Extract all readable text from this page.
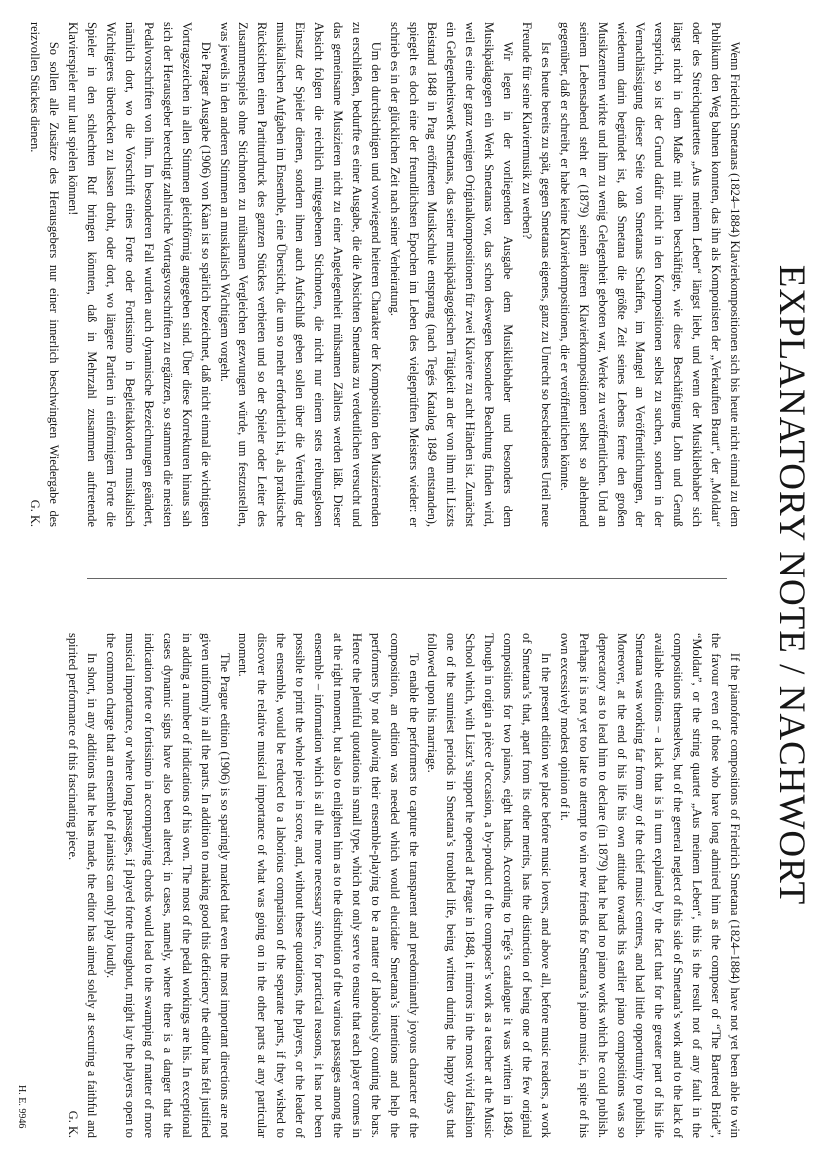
EXPLANATORY NOTE / NACHWORT

Wenn Friedrich Smetanas (1824–1884) Klavierkompositionen sich bis heute nicht einmal zu dem Publikum den Weg bahnen konnten, das ihn als Komponisten der „Verkauften Braut“, der „Moldau“ oder des Streichquartettes „Aus meinem Leben“ längst liebt, und wenn der Musikliebhaber sich längst nicht in dem Maße mit ihnen beschäftigte, wie diese Beschäftigung Lohn und Genuß verspricht, so ist der Grund dafür nicht in den Kompositionen selbst zu suchen, sondern in der Vernachlässigung dieser Seite von Smetanas Schaffen, im Mangel an Veröffentlichungen, der wiederum darin begründet ist, daß Smetana die größte Zeit seines Lebens ferne den großen Musikzentren wirkte und ihm zu wenig Gelegenheit geboten war, Werke zu veröffentlichen. Und an seinem Lebensabend steht er (1879) seinen älteren Klavierkompositionen selbst so ablehnend gegenüber, daß er schreibt, er habe keine Klavierkompositionen, die er veröffentlichen könnte.

Ist es heute bereits zu spät, gegen Smetanas eigenes, ganz zu Unrecht so bescheidenes Urteil neue Freunde für seine Klaviermusik zu werben?

Wir legen in der vorliegenden Ausgabe dem Musikliebhaber und besonders dem Musikpädagogen ein Werk Smetanas vor, das schon deswegen besondere Beachtung finden wird, weil es eine der ganz wenigen Originalkompositionen für zwei Klaviere zu acht Händen ist. Zunächst ein Gelegenheitswerk Smetanas, das seiner musikpädagogischen Tätigkeit an der von ihm mit Liszts Beistand 1848 in Prag eröffneten Musikschule entsprang (nach Tegés Katalog 1849 entstanden), spiegelt es doch eine der freundlichsten Epochen im Leben des vielgeprüften Meisters wieder: er schrieb es in der glücklichen Zeit nach seiner Verheiratung.

Um den durchsichtigen und vorwiegend heiteren Charakter der Komposition den Musizierenden zu erschließen, bedurfte es einer Ausgabe, die die Absichten Smetanas zu verdeutlichen versucht und das gemeinsame Musizieren nicht zu einer Angelegenheit mühsamen Zählens werden läßt. Dieser Absicht folgen die reichlich mitgegebenen Stichnoten, die nicht nur einem stets reibungslosen Einsatz der Spieler dienen, sondern ihnen auch Aufschluß geben sollen über die Verteilung der musikalischen Aufgaben im Ensemble, eine Übersicht, die um so mehr erforderlich ist, als praktische Rücksichten einen Partiturdruck des ganzen Stückes verbieten und so der Spieler oder Leiter des Zusammenspiels ohne Stichnoten zu mühsamen Vergleichen gezwungen würde, um festzustellen, was jeweils in den anderen Stimmen an musikalisch Wichtigem vorgeht.

Die Prager Ausgabe (1906) von Kàan ist so spärlich bezeichnet, daß nicht einmal die wichtigsten Vortragszeichen in allen Stimmen gleichförmig angegeben sind. Über diese Korrekturen hinaus sah sich der Herausgeber berechtigt zahlreiche Vortragsvorschriften zu ergänzen, so stammen die meisten Pedalvorschriften von ihm. Im besonderen Fall wurden auch dynamische Bezeichnungen geändert, nämlich dort, wo die Vorschrift eines Forte oder Fortissimo in Begleitakkorden musikalisch Wichtigeres überdecken zu lassen droht, oder dort, wo längere Partien in einförmigem Forte die Spieler in den schlechten Ruf bringen könnten, daß in Mehrzahl zusammen auftretende Klavierspieler nur laut spielen können!

So sollen alle Zusätze des Herausgebers nur einer innerlich beschwingten Wiedergabe des reizvollen Stückes dienen.
G. K.

If the pianoforte compositions of Friedrich Smetana (1824–1884) have not yet been able to win the favour even of those who have long admired him as the composer of “The Bartered Bride”, “Moldau”, or the string quartet „Aus meinem Leben“, this is the result not of any fault in the compositions themselves, but of the general neglect of this side of Smetana’s work and to the lack of available editions – a lack that is in turn explained by the fact that for the greater part of his life Smetana was working far from any of the chief music centres, and had little opportunity to publish. Moreover, at the end of his life his own attitude towards his earlier piano compositions was so deprecatory as to lead him to declare (in 1879) that he had no piano works which he could publish. Perhaps it is not yet too late to attempt to win new friends for Smetana’s piano music, in spite of his own excessively modest opinion of it.

In the present edition we place before music lovers, and above all, before music readers, a work of Smetana’s that, apart from its other merits, has the distinction of being one of the few original compositions for two pianos, eight hands. According to Tegé’s catalogue it was written in 1849. Though in origin a pièce d’occasion, a by-product of the composer’s work as a teacher at the Music School which, with Liszt’s support he opened at Prague in 1848, it mirrors in the most vivid fashion one of the sunniest periods in Smetana’s troubled life, being written during the happy days that followed upon his marriage.

To enable the performers to capture the transparent and predominantly joyous character of the composition, an edition was needed which would elucidate Smetana’s intentions and help the performers by not allowing their ensemble-playing to be a matter of laboriously counting the bars. Hence the plentiful quotations in small type, which not only serve to ensure that each player comes in at the right moment, but also to enlighten him as to the distribution of the various passages among the ensemble – information which is all the more necessary since, for practical reasons, it has not been possible to print the whole piece in score, and, without these quotations, the players, or the leader of the ensemble, would be reduced to a laborious comparison of the separate parts, if they wished to discover the relative musical importance of what was going on in the other parts at any particular moment.

The Prague edition (1906) is so sparingly marked that even the most important directions are not given uniformly in all the parts. In addition to making good this deficiency the editor has felt justified in adding a number of indications of his own. The most of the pedal workings are his. In exceptional cases dynamic signs have also been altered; in cases, namely, where there is a danger that the indication forte or fortissimo in accompanying chords would lead to the swamping of matter of more musical importance, or where long passages, if played forte throughout, might lay the players open to the common charge that an ensemble of pianists can only play loudly.

In short, in any additions that he has made, the editor has aimed solely at securing a faithful and spirited performance of this fascinating piece.
G. K.

H. E. 9946
